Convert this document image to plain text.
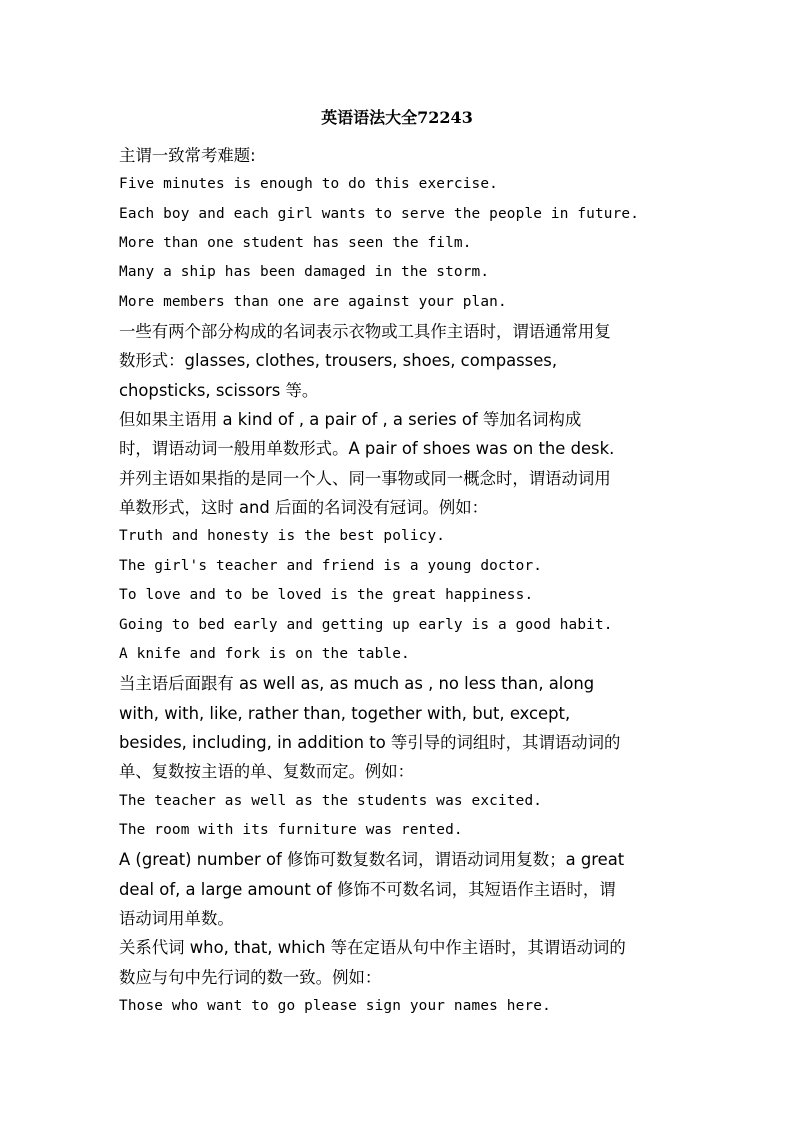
英语语法大全72243
主谓一致常考难题:
Five minutes is enough to do this exercise.
Each boy and each girl wants to serve the people in future.
More than one student has seen the film.
Many a ship has been damaged in the storm.
More members than one are against your plan.
一些有两个部分构成的名词表示衣物或工具作主语时，谓语通常用复
数形式：glasses, clothes, trousers, shoes, compasses,
chopsticks, scissors 等。
但如果主语用 a kind of , a pair of , a series of 等加名词构成
时，谓语动词一般用单数形式。A pair of shoes was on the desk.
并列主语如果指的是同一个人、同一事物或同一概念时，谓语动词用
单数形式，这时 and 后面的名词没有冠词。例如：
Truth and honesty is the best policy.
The girl's teacher and friend is a young doctor.
To love and to be loved is the great happiness.
Going to bed early and getting up early is a good habit.
A knife and fork is on the table.
当主语后面跟有 as well as, as much as , no less than, along
with, with, like, rather than, together with, but, except,
besides, including, in addition to 等引导的词组时，其谓语动词的
单、复数按主语的单、复数而定。例如：
The teacher as well as the students was excited.
The room with its furniture was rented.
A (great) number of 修饰可数复数名词，谓语动词用复数；a great
deal of, a large amount of 修饰不可数名词，其短语作主语时，谓
语动词用单数。
关系代词 who, that, which 等在定语从句中作主语时，其谓语动词的
数应与句中先行词的数一致。例如：
Those who want to go please sign your names here.
